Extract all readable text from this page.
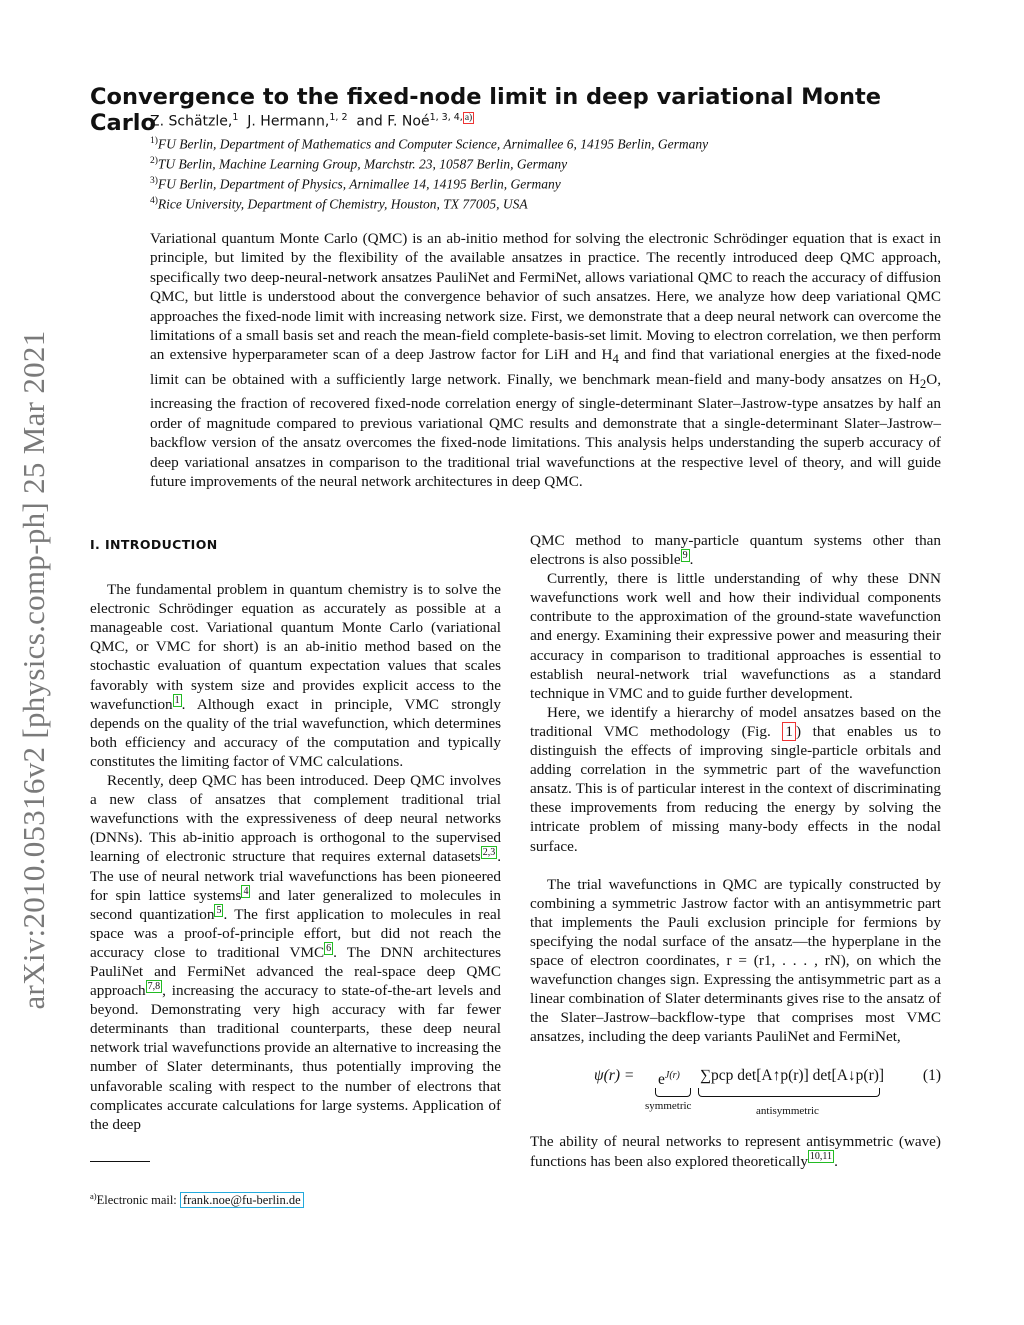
arXiv:2010.05316v2 [physics.comp-ph] 25 Mar 2021
Convergence to the fixed-node limit in deep variational Monte Carlo
Z. Schätzle,$^1$ J. Hermann,$^{1, 2}$ and F. Noé$^{1, 3, 4,}$ $^{a)}$

$^{1)}$FU Berlin, Department of Mathematics and Computer Science, Arnimallee 6, 14195 Berlin, Germany

$^{2)}$TU Berlin, Machine Learning Group, Marchstr. 23, 10587 Berlin, Germany

$^{3)}$FU Berlin, Department of Physics, Arnimallee 14, 14195 Berlin, Germany

$^{4)}$Rice University, Department of Chemistry, Houston, TX 77005, USA

Variational quantum Monte Carlo (QMC) is an ab-initio method for solving the electronic Schrödinger equation that is exact in principle, but limited by the flexibility of the available ansatzes in practice. The recently introduced deep QMC approach, specifically two deep-neural-network ansatzes PauliNet and FermiNet, allows variational QMC to reach the accuracy of diffusion QMC, but little is understood about the convergence behavior of such ansatzes. Here, we analyze how deep variational QMC approaches the fixed-node limit with increasing network size. First, we demonstrate that a deep neural network can overcome the limitations of a small basis set and reach the mean-field complete-basis-set limit. Moving to electron correlation, we then perform an extensive hyperparameter scan of a deep Jastrow factor for LiH and $H_4$ and find that variational energies at the fixed-node limit can be obtained with a sufficiently large network. Finally, we benchmark mean-field and many-body ansatzes on $H_2O$, increasing the fraction of recovered fixed-node correlation energy of single-determinant Slater–Jastrow-type ansatzes by half an order of magnitude compared to previous variational QMC results and demonstrate that a single-determinant Slater–Jastrow–backflow version of the ansatz overcomes the fixed-node limitations. This analysis helps understanding the superb accuracy of deep variational ansatzes in comparison to the traditional trial wavefunctions at the respective level of theory, and will guide future improvements of the neural network architectures in deep QMC.

I. INTRODUCTION

The fundamental problem in quantum chemistry is to solve the electronic Schrödinger equation as accurately as possible at a manageable cost. Variational quantum Monte Carlo (variational QMC, or VMC for short) is an ab-initio method based on the stochastic evaluation of quantum expectation values that scales favorably with system size and provides explicit access to the wavefunction $^1$ . Although exact in principle, VMC strongly depends on the quality of the trial wavefunction, which determines both efficiency and accuracy of the computation and typically constitutes the limiting factor of VMC calculations.

Recently, deep QMC has been introduced. Deep QMC involves a new class of ansatzes that complement traditional trial wavefunctions with the expressiveness of deep neural networks (DNNs). This ab-initio approach is orthogonal to the supervised learning of electronic structure that requires external datasets $^{2,3}$ . The use of neural network trial wavefunctions has been pioneered for spin lattice systems $^4$ and later generalized to molecules in second quantization $^5$ . The first application to molecules in real space was a proof-of-principle effort, but did not reach the accuracy close to traditional VMC $^6$ . The DNN architectures PauliNet and FermiNet advanced the real-space deep QMC approach $^{7,8}$ , increasing the accuracy to state-of-the-art levels and beyond. Demonstrating very high accuracy with far fewer determinants than traditional counterparts, these deep neural network trial wavefunctions provide an alternative to increasing the number of Slater determinants, thus potentially improving the unfavorable scaling with respect to the number of electrons that complicates accurate calculations for large systems. Application of the deep

QMC method to many-particle quantum systems other than electrons is also possible $^9$ .

Currently, there is little understanding of why these DNN wavefunctions work well and how their individual components contribute to the approximation of the ground-state wavefunction and energy. Examining their expressive power and measuring their accuracy in comparison to traditional approaches is essential to establish neural-network trial wavefunctions as a standard technique in VMC and to guide further development.

Here, we identify a hierarchy of model ansatzes based on the traditional VMC methodology (Fig. 1 ) that enables us to distinguish the effects of improving single-particle orbitals and adding correlation in the symmetric part of the wavefunction ansatz. This is of particular interest in the context of discriminating these improvements from reducing the energy by solving the intricate problem of missing many-body effects in the nodal surface.

The trial wavefunctions in QMC are typically constructed by combining a symmetric Jastrow factor with an antisymmetric part that implements the Pauli exclusion principle for fermions by specifying the nodal surface of the ansatz—the hyperplane in the space of electron coordinates, r = (r1, . . . , rN), on which the wavefunction changes sign. Expressing the antisymmetric part as a linear combination of Slater determinants gives rise to the ansatz of the Slater–Jastrow–backflow-type that comprises most VMC ansatzes, including the deep variants PauliNet and FermiNet,

$\psi(r) = e^{J(r)}$ ∑pcp det[A↑p(r)] det[A↓p(r)]
symmetric	antisymmetric
(1)

The ability of neural networks to represent antisymmetric (wave) functions has been also explored theoretically $^{10,11}$ .

$^{a)}$Electronic mail: frank.noe@fu-berlin.de
